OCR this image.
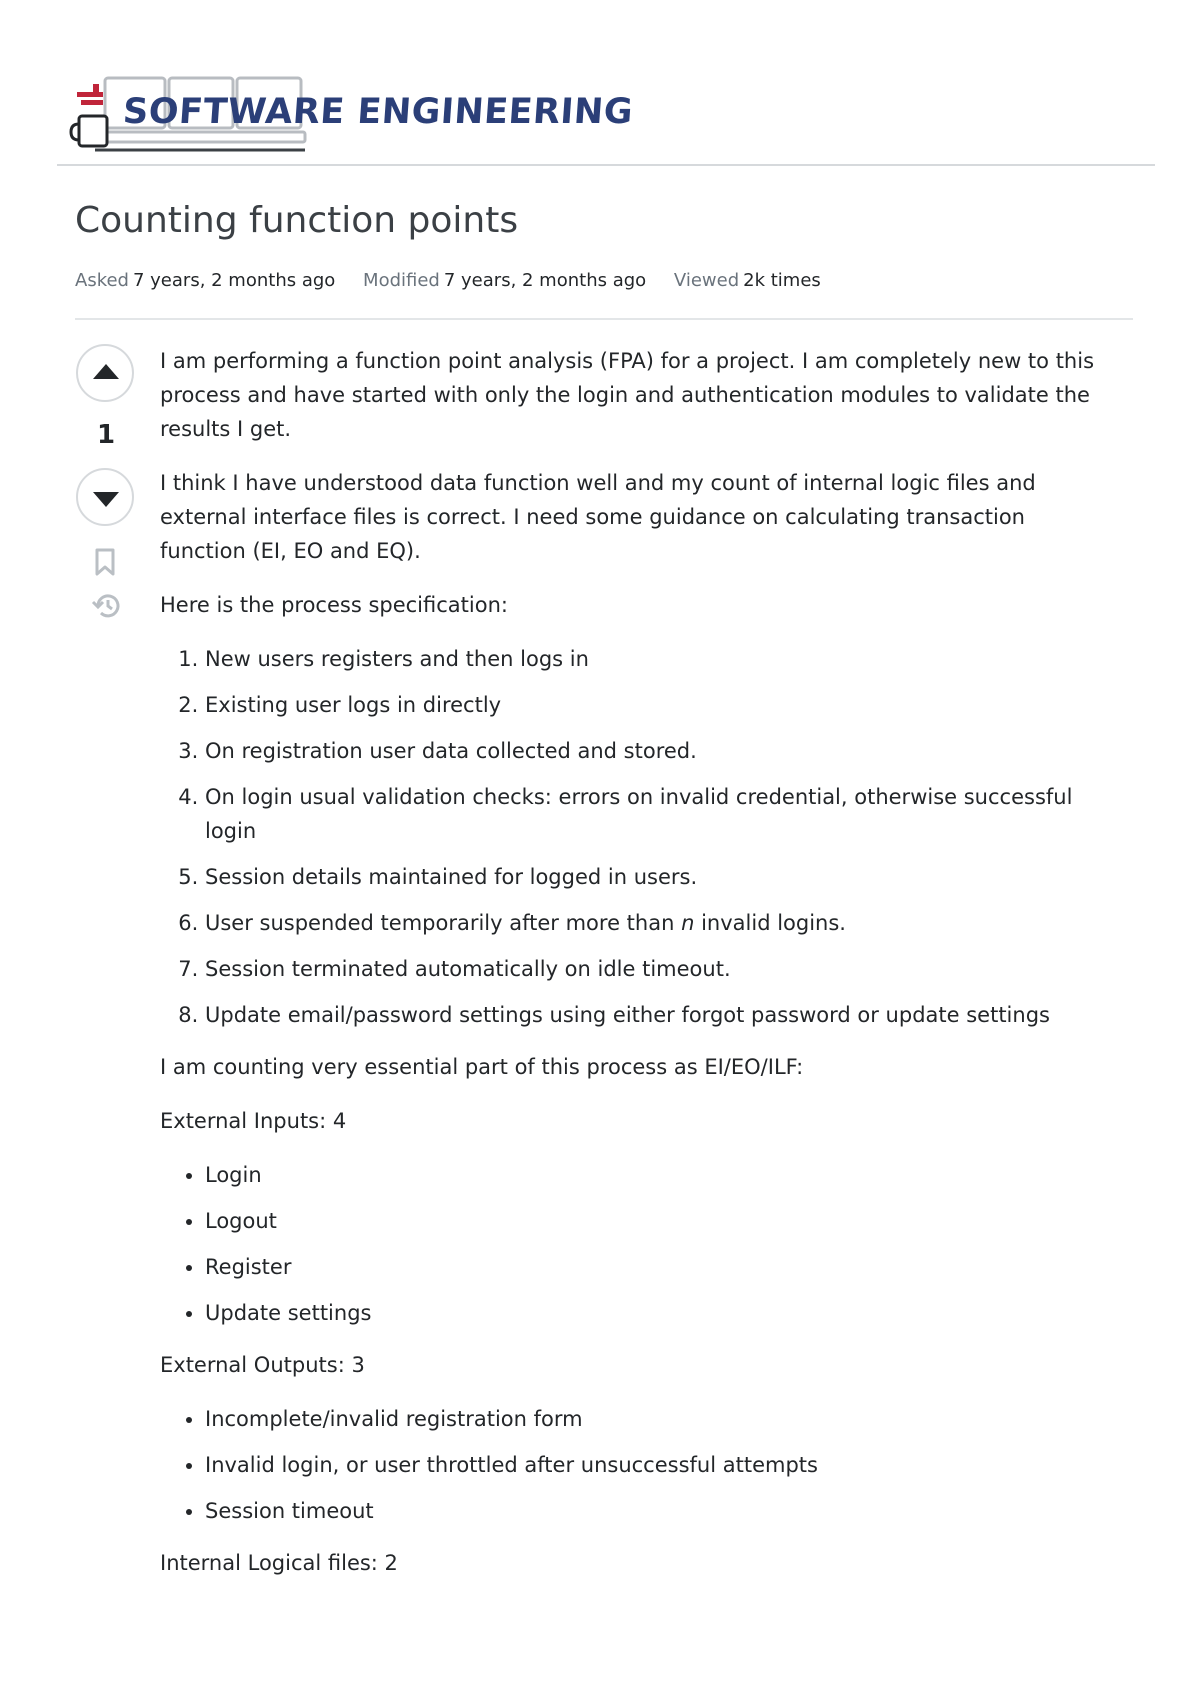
SOFTWARE ENGINEERING
Counting function points
Asked 7 years, 2 months ago Modified 7 years, 2 months ago Viewed 2k times
1

I am performing a function point analysis (FPA) for a project. I am completely new to this process and have started with only the login and authentication modules to validate the results I get.

I think I have understood data function well and my count of internal logic files and external interface files is correct. I need some guidance on calculating transaction function (EI, EO and EQ).

Here is the process specification:

1. New users registers and then logs in
2. Existing user logs in directly
3. On registration user data collected and stored.
4. On login usual validation checks: errors on invalid credential, otherwise successful login
5. Session details maintained for logged in users.
6. User suspended temporarily after more than n invalid logins.
7. Session terminated automatically on idle timeout.
8. Update email/password settings using either forgot password or update settings

I am counting very essential part of this process as EI/EO/ILF:

External Inputs: 4

• Login
• Logout
• Register
• Update settings

External Outputs: 3

• Incomplete/invalid registration form
• Invalid login, or user throttled after unsuccessful attempts
• Session timeout

Internal Logical files: 2
